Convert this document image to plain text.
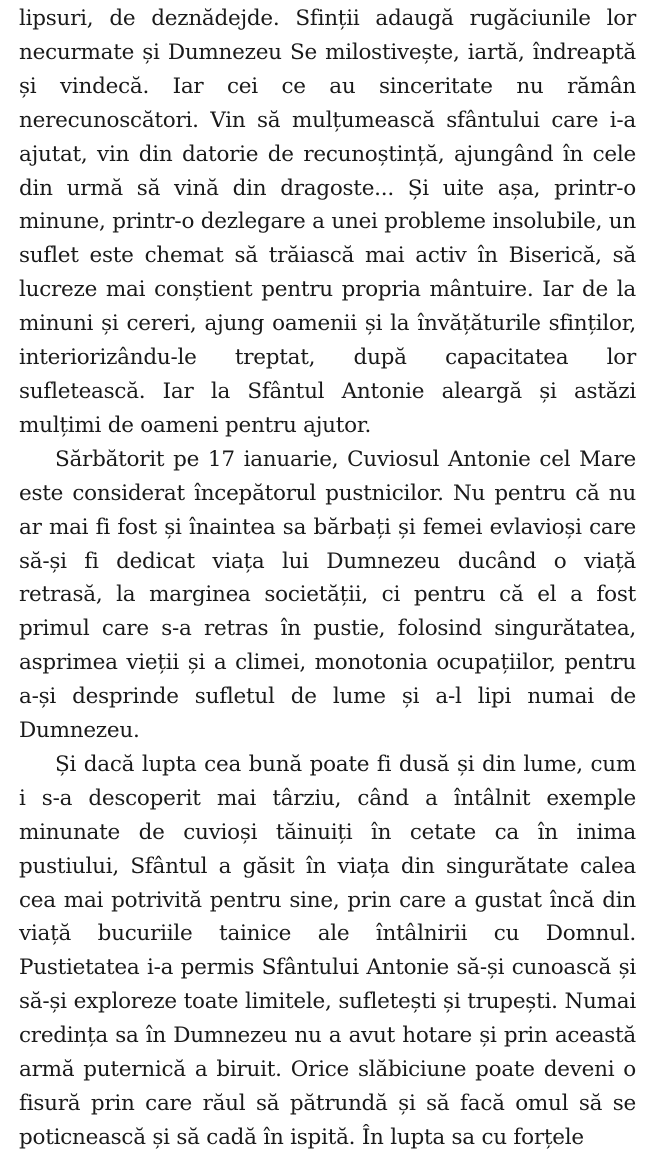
lipsuri, de deznădejde. Sfinții adaugă rugăciunile lor necurmate și Dumnezeu Se milostivește, iartă, îndreaptă și vindecă. Iar cei ce au sinceritate nu rămân nerecunoscători. Vin să mulțumească sfântului care i-a ajutat, vin din datorie de recunoștință, ajungând în cele din urmă să vină din dragoste... Și uite așa, printr-o minune, printr-o dezlegare a unei probleme insolubile, un suflet este chemat să trăiască mai activ în Biserică, să lucreze mai conștient pentru propria mântuire. Iar de la minuni și cereri, ajung oamenii și la învățăturile sfinților, interiorizându-le treptat, după capacitatea lor sufletească. Iar la Sfântul Antonie aleargă și astăzi mulțimi de oameni pentru ajutor.

Sărbătorit pe 17 ianuarie, Cuviosul Antonie cel Mare este considerat începătorul pustnicilor. Nu pentru că nu ar mai fi fost și înaintea sa bărbați și femei evlavioși care să-și fi dedicat viața lui Dumnezeu ducând o viață retrasă, la marginea societății, ci pentru că el a fost primul care s-a retras în pustie, folosind singurătatea, asprimea vieții și a climei, monotonia ocupațiilor, pentru a-și desprinde sufletul de lume și a-l lipi numai de Dumnezeu.

Și dacă lupta cea bună poate fi dusă și din lume, cum i s-a descoperit mai târziu, când a întâlnit exemple minunate de cuvioși tăinuiți în cetate ca în inima pustiului, Sfântul a găsit în viața din singurătate calea cea mai potrivită pentru sine, prin care a gustat încă din viață bucuriile tainice ale întâlnirii cu Domnul. Pustietatea i-a permis Sfântului Antonie să-și cunoască și să-și exploreze toate limitele, sufletești și trupești. Numai credința sa în Dumnezeu nu a avut hotare și prin această armă puternică a biruit. Orice slăbiciune poate deveni o fisură prin care răul să pătrundă și să facă omul să se poticnească și să cadă în ispită. În lupta sa cu forțele
